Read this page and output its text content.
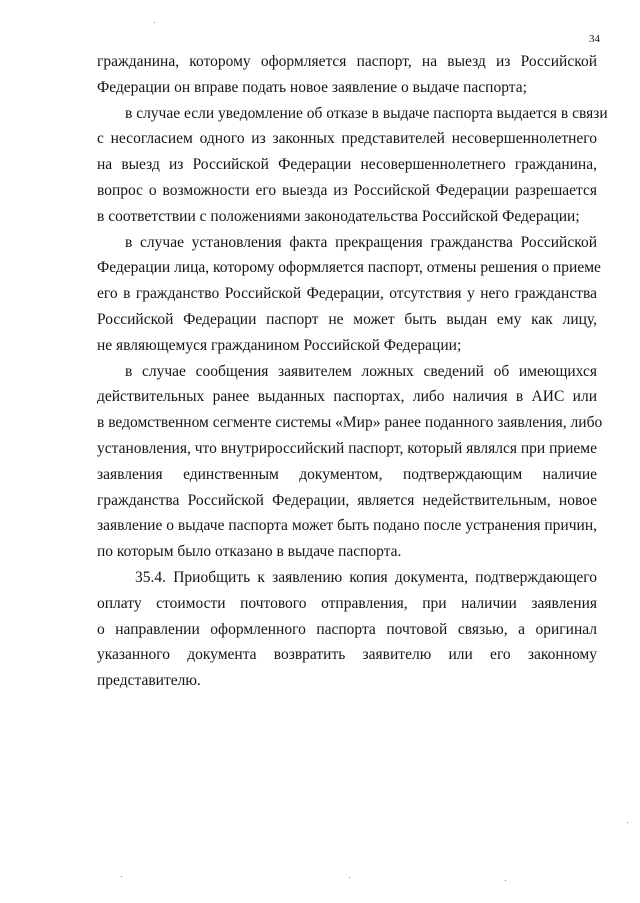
34

гражданина, которому оформляется паспорт, на выезд из Российской
Федерации он вправе подать новое заявление о выдаче паспорта;

в случае если уведомление об отказе в выдаче паспорта выдается в связи
с несогласием одного из законных представителей несовершеннолетнего
на выезд из Российской Федерации несовершеннолетнего гражданина,
вопрос о возможности его выезда из Российской Федерации разрешается
в соответствии с положениями законодательства Российской Федерации;

в случае установления факта прекращения гражданства Российской
Федерации лица, которому оформляется паспорт, отмены решения о приеме
его в гражданство Российской Федерации, отсутствия у него гражданства
Российской Федерации паспорт не может быть выдан ему как лицу,
не являющемуся гражданином Российской Федерации;

в случае сообщения заявителем ложных сведений об имеющихся
действительных ранее выданных паспортах, либо наличия в АИС или
в ведомственном сегменте системы «Мир» ранее поданного заявления, либо
установления, что внутрироссийский паспорт, который являлся при приеме
заявления единственным документом, подтверждающим наличие
гражданства Российской Федерации, является недействительным, новое
заявление о выдаче паспорта может быть подано после устранения причин,
по которым было отказано в выдаче паспорта.

35.4. Приобщить к заявлению копия документа, подтверждающего
оплату стоимости почтового отправления, при наличии заявления
о направлении оформленного паспорта почтовой связью, а оригинал
указанного документа возвратить заявителю или его законному
представителю.
